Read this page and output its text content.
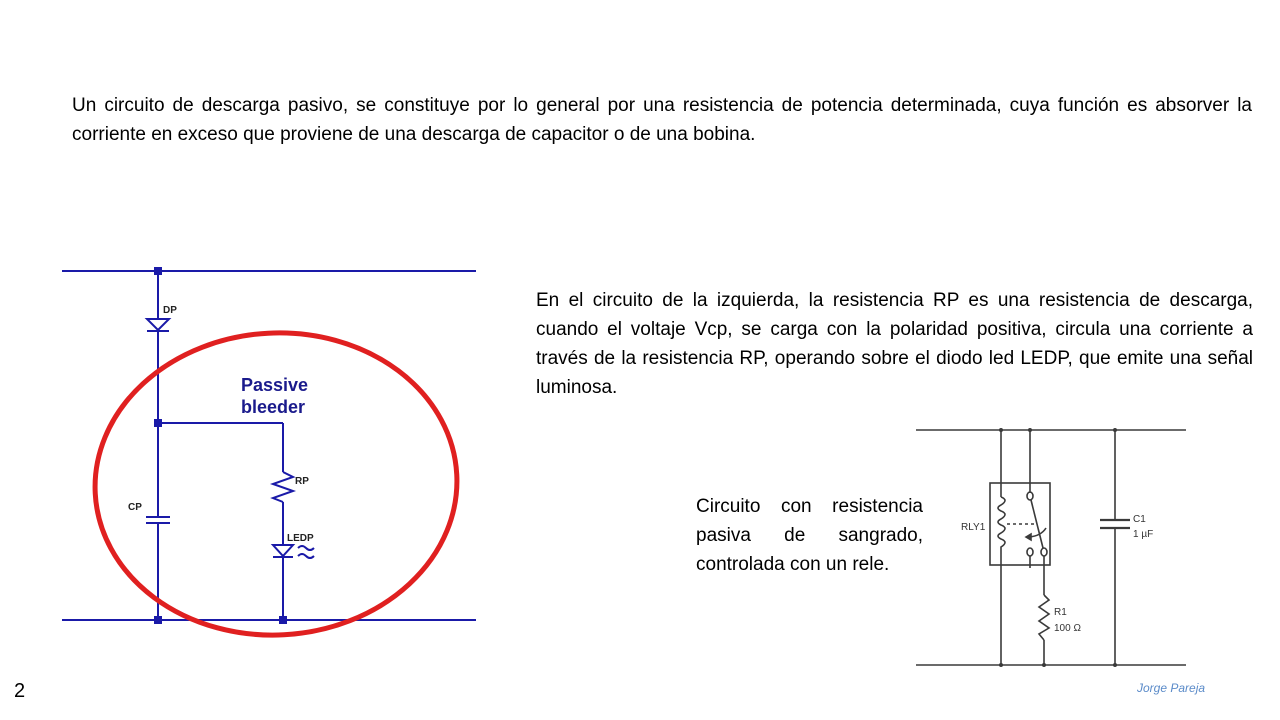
Un circuito de descarga pasivo, se constituye por lo general por una resistencia de potencia determinada, cuya función es absorver la corriente en exceso que proviene de una descarga de capacitor o de una bobina.
DP
CP
RP
LEDP
Passive
bleeder
En el circuito de la izquierda, la resistencia RP es una resistencia de descarga, cuando el voltaje Vcp, se carga con la polaridad positiva, circula una corriente a través de la resistencia RP, operando sobre el diodo led LEDP, que emite una señal luminosa.
Circuito con resistencia pasiva de sangrado, controlada con un rele.
RLY1
C1
1 µF
R1
100 Ω
2	Jorge Pareja
